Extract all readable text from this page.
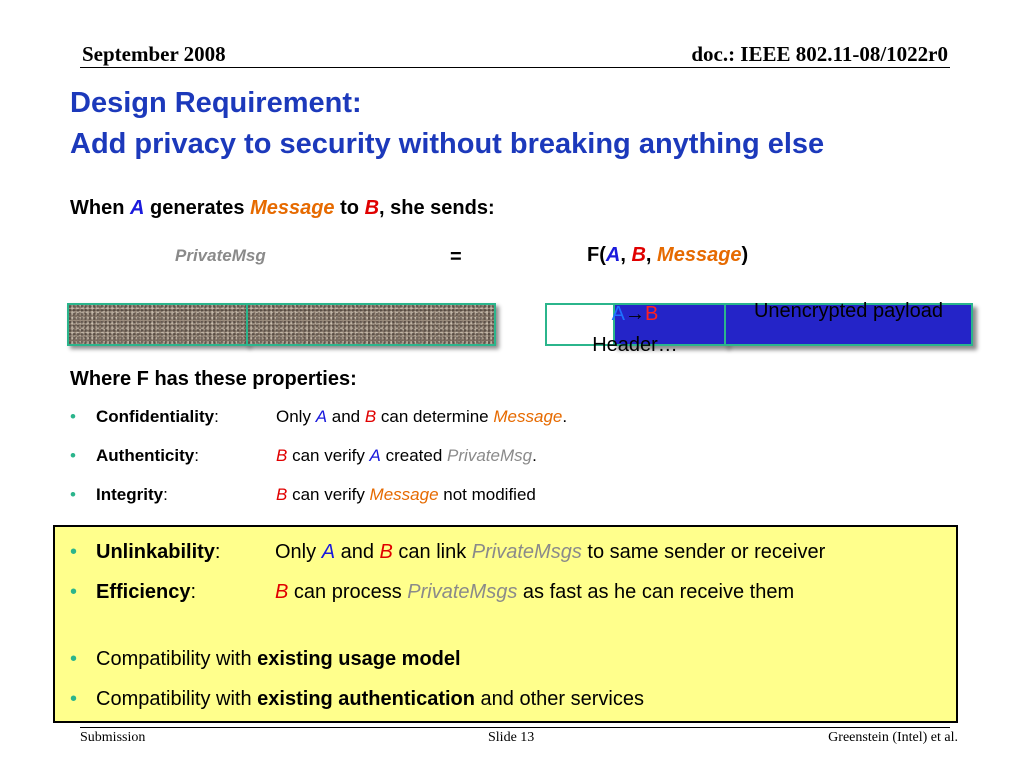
September 2008	doc.: IEEE 802.11-08/1022r0
Design Requirement:
Add privacy to security without breaking anything else
When A generates Message to B, she sends:
PrivateMsg	=	F(A, B, Message)
A→B
Header…
Unencrypted payload
Where F has these properties:
• Confidentiality:	Only A and B can determine Message.
• Authenticity:	B can verify A created PrivateMsg.
• Integrity:	B can verify Message not modified
• Unlinkability:	Only A and B can link PrivateMsgs to same sender or receiver
• Efficiency:	B can process PrivateMsgs as fast as he can receive them
• Compatibility with existing usage model
• Compatibility with existing authentication and other services
Submission	Slide 13	Greenstein (Intel) et al.
